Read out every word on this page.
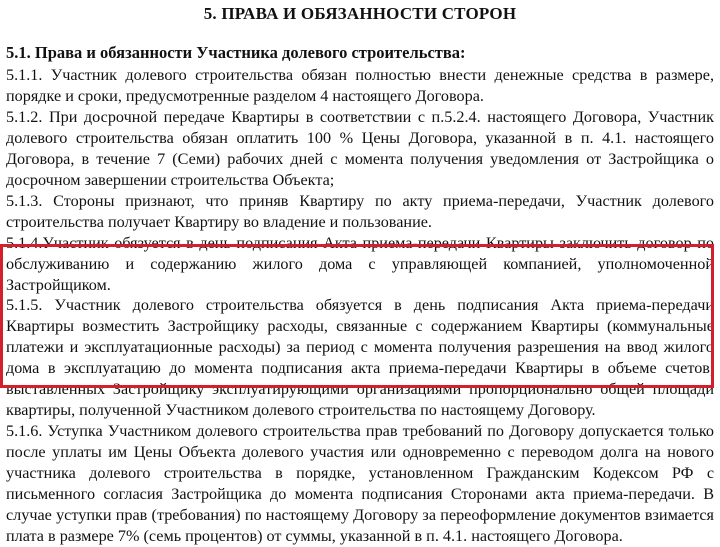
5. ПРАВА И ОБЯЗАННОСТИ СТОРОН
5.1. Права и обязанности Участника долевого строительства:

5.1.1. Участник долевого строительства обязан полностью внести денежные средства в размере, порядке и сроки, предусмотренные разделом 4 настоящего Договора.

5.1.2. При досрочной передаче Квартиры в соответствии с п.5.2.4. настоящего Договора, Участник долевого строительства обязан оплатить 100 % Цены Договора, указанной в п. 4.1. настоящего Договора, в течение 7 (Семи) рабочих дней с момента получения уведомления от Застройщика о досрочном завершении строительства Объекта;

5.1.3. Стороны признают, что приняв Квартиру по акту приема-передачи, Участник долевого строительства получает Квартиру во владение и пользование.

5.1.4.Участник обязуется в день подписания Акта приема-передачи Квартиры заключить договор по обслуживанию и содержанию жилого дома с управляющей компанией, уполномоченной Застройщиком.

5.1.5. Участник долевого строительства обязуется в день подписания Акта приема-передачи Квартиры возместить Застройщику расходы, связанные с содержанием Квартиры (коммунальные платежи и эксплуатационные расходы) за период с момента получения разрешения на ввод жилого дома в эксплуатацию до момента подписания акта приема-передачи Квартиры в объеме счетов, выставленных Застройщику эксплуатирующими организациями пропорционально общей площади квартиры, полученной Участником долевого строительства по настоящему Договору.

5.1.6. Уступка Участником долевого строительства прав требований по Договору допускается только после уплаты им Цены Объекта долевого участия или одновременно с переводом долга на нового участника долевого строительства в порядке, установленном Гражданским Кодексом РФ с письменного согласия Застройщика до момента подписания Сторонами акта приема-передачи. В случае уступки прав (требования) по настоящему Договору за переоформление документов взимается плата в размере 7% (семь процентов) от суммы, указанной в п. 4.1. настоящего Договора.
